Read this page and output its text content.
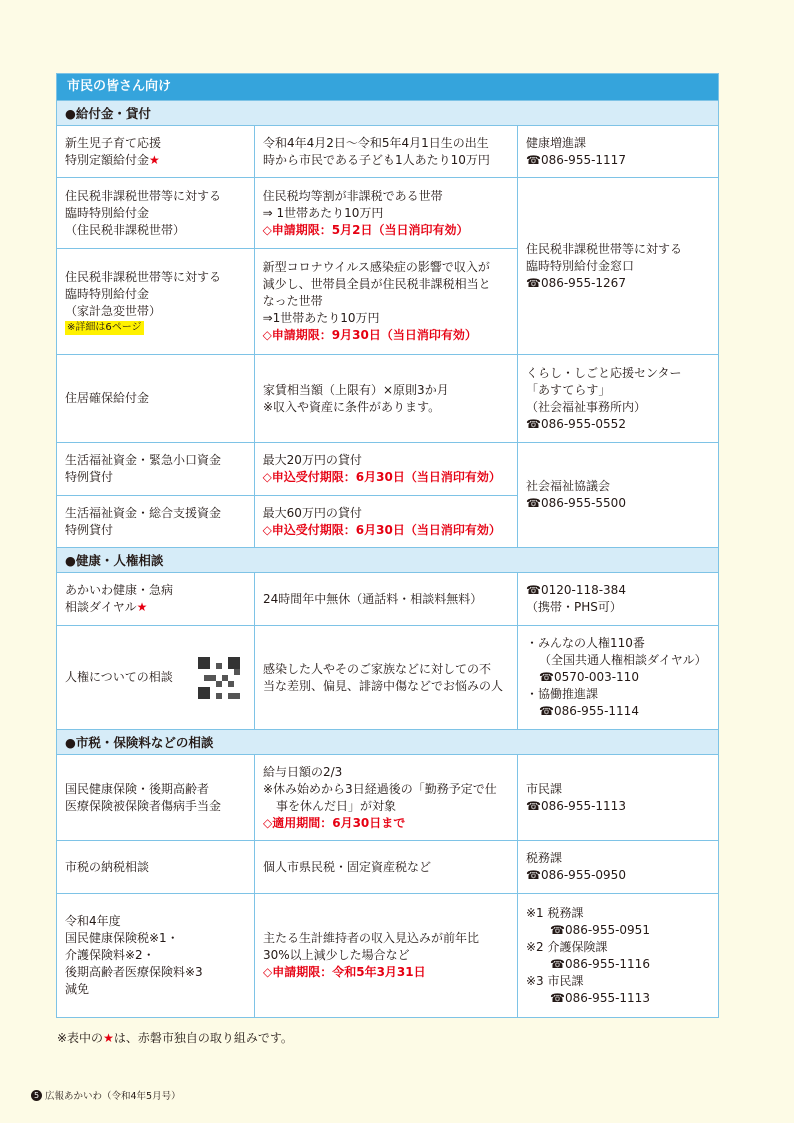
市民の皆さん向け
●給付金・貸付
新生児子育て応援
特別定額給付金★
令和4年4月2日～令和5年4月1日生の出生
時から市民である子ども1人あたり10万円
健康増進課
☎086-955-1117
住民税非課税世帯等に対する
臨時特別給付金
（住民税非課税世帯）
住民税均等割が非課税である世帯
⇒ 1世帯あたり10万円
◇申請期限：5月2日（当日消印有効）
住民税非課税世帯等に対する
臨時特別給付金
（家計急変世帯）
※詳細は6ページ
新型コロナウイルス感染症の影響で収入が
減少し、世帯員全員が住民税非課税相当と
なった世帯
⇒1世帯あたり10万円
◇申請期限：9月30日（当日消印有効）
住民税非課税世帯等に対する
臨時特別給付金窓口
☎086-955-1267
住居確保給付金
家賃相当額（上限有）×原則3か月
※収入や資産に条件があります。
くらし・しごと応援センター
「あすてらす」
（社会福祉事務所内）
☎086-955-0552
生活福祉資金・緊急小口資金
特例貸付
最大20万円の貸付
◇申込受付期限：6月30日（当日消印有効）
生活福祉資金・総合支援資金
特例貸付
最大60万円の貸付
◇申込受付期限：6月30日（当日消印有効）
社会福祉協議会
☎086-955-5500
●健康・人権相談
あかいわ健康・急病
相談ダイヤル★
24時間年中無休（通話料・相談料無料）
☎0120-118-384
（携帯・PHS可）
人権についての相談
感染した人やそのご家族などに対しての不
当な差別、偏見、誹謗中傷などでお悩みの人
・みんなの人権110番
（全国共通人権相談ダイヤル）
☎0570-003-110
・協働推進課
☎086-955-1114
●市税・保険料などの相談
国民健康保険・後期高齢者
医療保険被保険者傷病手当金
給与日額の2/3
※休み始めから3日経過後の「勤務予定で仕
事を休んだ日」が対象
◇適用期間：6月30日まで
市民課
☎086-955-1113
市税の納税相談	個人市県民税・固定資産税など
税務課
☎086-955-0950
令和4年度
国民健康保険税※1・
介護保険料※2・
後期高齢者医療保険料※3
減免
主たる生計維持者の収入見込みが前年比
30%以上減少した場合など
◇申請期限：令和5年3月31日
※1 税務課
☎086-955-0951
※2 介護保険課
☎086-955-1116
※3 市民課
☎086-955-1113
※表中の★は、赤磐市独自の取り組みです。
5 広報あかいわ（令和4年5月号）
